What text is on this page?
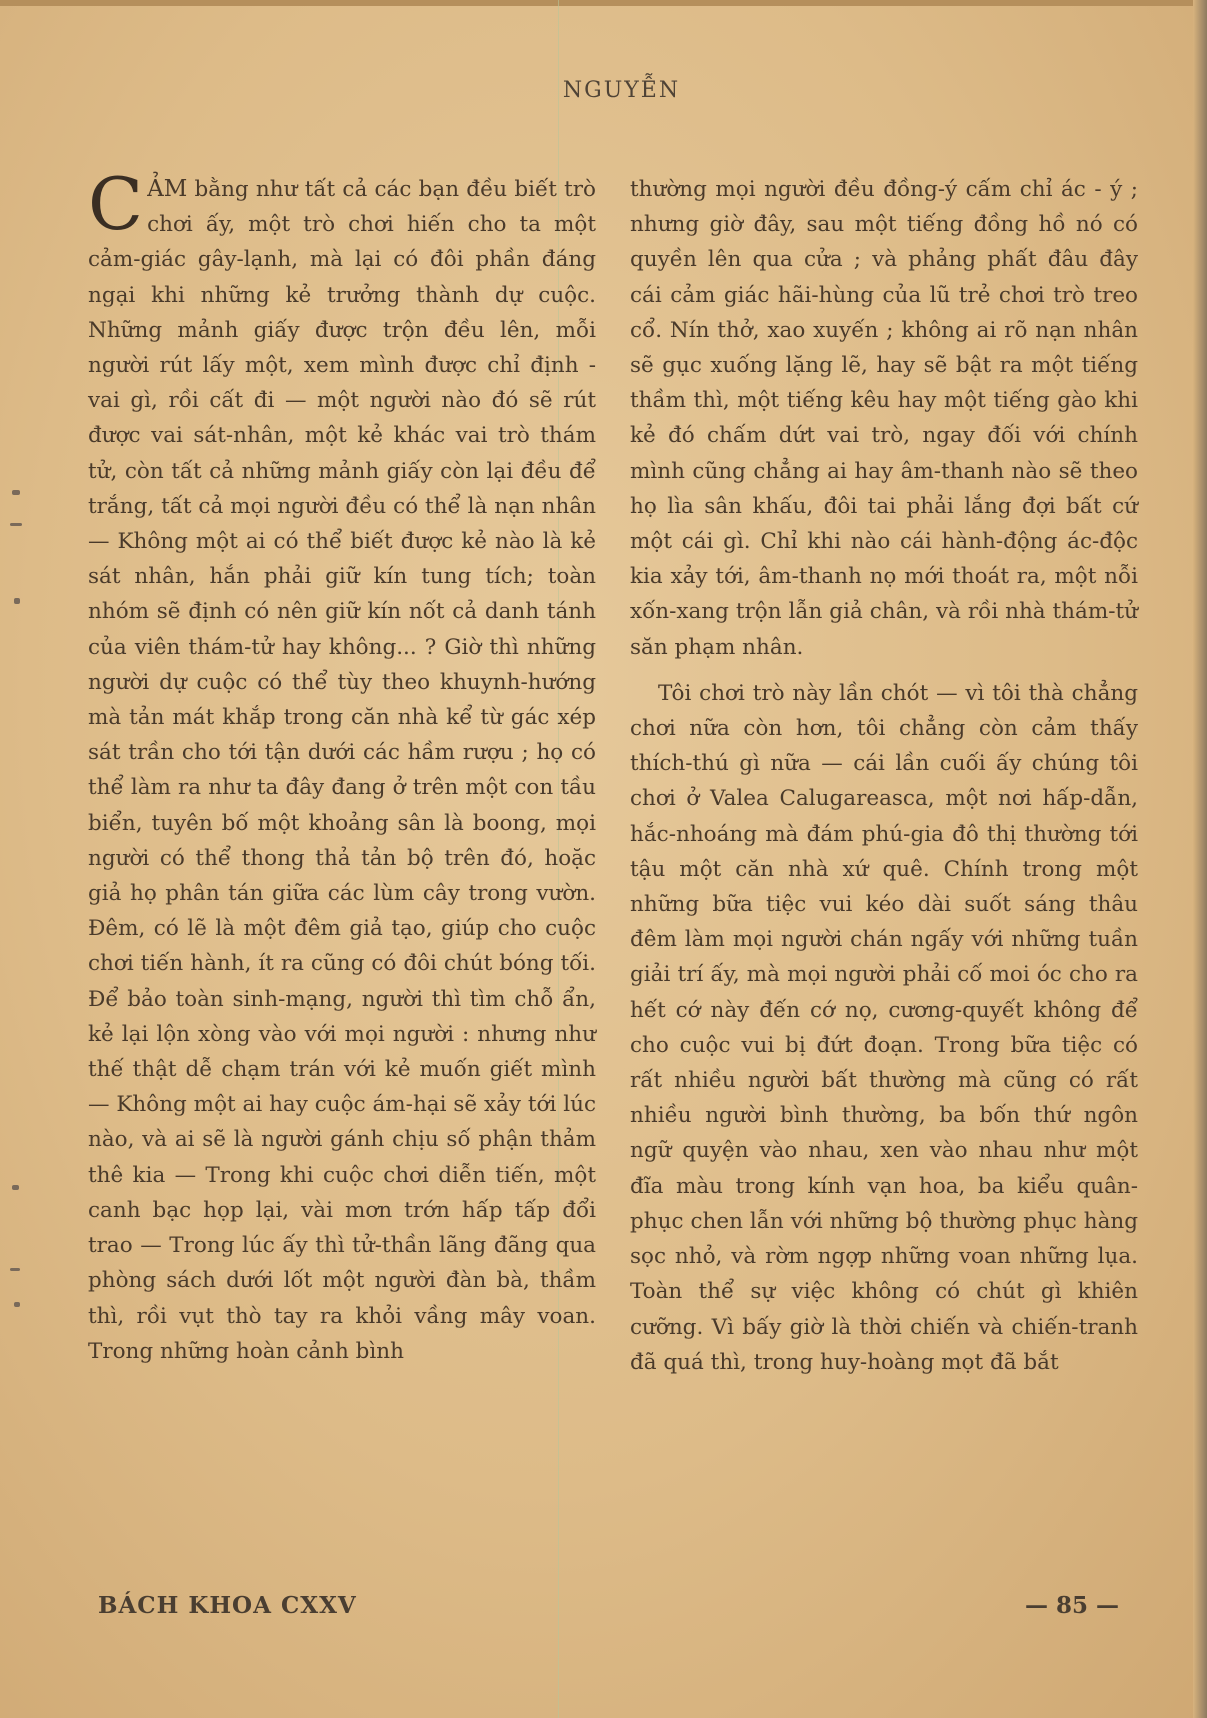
NGUYỄN

CẢM bằng như tất cả các bạn đều biết trò chơi ấy, một trò chơi hiến cho ta một cảm-giác gây-lạnh, mà lại có đôi phần đáng ngại khi những kẻ trưởng thành dự cuộc. Những mảnh giấy được trộn đều lên, mỗi người rút lấy một, xem mình được chỉ định - vai gì, rồi cất đi — một người nào đó sẽ rút được vai sát-nhân, một kẻ khác vai trò thám tử, còn tất cả những mảnh giấy còn lại đều để trắng, tất cả mọi người đều có thể là nạn nhân — Không một ai có thể biết được kẻ nào là kẻ sát nhân, hắn phải giữ kín tung tích; toàn nhóm sẽ định có nên giữ kín nốt cả danh tánh của viên thám-tử hay không... ? Giờ thì những người dự cuộc có thể tùy theo khuynh-hướng mà tản mát khắp trong căn nhà kể từ gác xép sát trần cho tới tận dưới các hầm rượu ; họ có thể làm ra như ta đây đang ở trên một con tầu biển, tuyên bố một khoảng sân là boong, mọi người có thể thong thả tản bộ trên đó, hoặc giả họ phân tán giữa các lùm cây trong vườn. Đêm, có lẽ là một đêm giả tạo, giúp cho cuộc chơi tiến hành, ít ra cũng có đôi chút bóng tối. Để bảo toàn sinh-mạng, người thì tìm chỗ ẩn, kẻ lại lộn xòng vào với mọi người : nhưng như thế thật dễ chạm trán với kẻ muốn giết mình — Không một ai hay cuộc ám-hại sẽ xảy tới lúc nào, và ai sẽ là người gánh chịu số phận thảm thê kia — Trong khi cuộc chơi diễn tiến, một canh bạc họp lại, vài mơn trớn hấp tấp đổi trao — Trong lúc ấy thì tử-thần lãng đãng qua phòng sách dưới lốt một người đàn bà, thầm thì, rồi vụt thò tay ra khỏi vầng mây voan. Trong những hoàn cảnh bình

thường mọi người đều đồng-ý cấm chỉ ác - ý ; nhưng giờ đây, sau một tiếng đồng hồ nó có quyền lên qua cửa ; và phảng phất đâu đây cái cảm giác hãi-hùng của lũ trẻ chơi trò treo cổ. Nín thở, xao xuyến ; không ai rõ nạn nhân sẽ gục xuống lặng lẽ, hay sẽ bật ra một tiếng thầm thì, một tiếng kêu hay một tiếng gào khi kẻ đó chấm dứt vai trò, ngay đối với chính mình cũng chẳng ai hay âm-thanh nào sẽ theo họ lìa sân khấu, đôi tai phải lắng đợi bất cứ một cái gì. Chỉ khi nào cái hành-động ác-độc kia xảy tới, âm-thanh nọ mới thoát ra, một nỗi xốn-xang trộn lẫn giả chân, và rồi nhà thám-tử săn phạm nhân.

Tôi chơi trò này lần chót — vì tôi thà chẳng chơi nữa còn hơn, tôi chẳng còn cảm thấy thích-thú gì nữa — cái lần cuối ấy chúng tôi chơi ở Valea Calugareasca, một nơi hấp-dẫn, hắc-nhoáng mà đám phú-gia đô thị thường tới tậu một căn nhà xứ quê. Chính trong một những bữa tiệc vui kéo dài suốt sáng thâu đêm làm mọi người chán ngấy với những tuần giải trí ấy, mà mọi người phải cố moi óc cho ra hết cớ này đến cớ nọ, cương-quyết không để cho cuộc vui bị đứt đoạn. Trong bữa tiệc có rất nhiều người bất thường mà cũng có rất nhiều người bình thường, ba bốn thứ ngôn ngữ quyện vào nhau, xen vào nhau như một đĩa màu trong kính vạn hoa, ba kiểu quân-phục chen lẫn với những bộ thường phục hàng sọc nhỏ, và rờm ngợp những voan những lụa. Toàn thể sự việc không có chút gì khiên cưỡng. Vì bấy giờ là thời chiến và chiến-tranh đã quá thì, trong huy-hoàng mọt đã bắt

BÁCH KHOA CXXV	— 85 —
